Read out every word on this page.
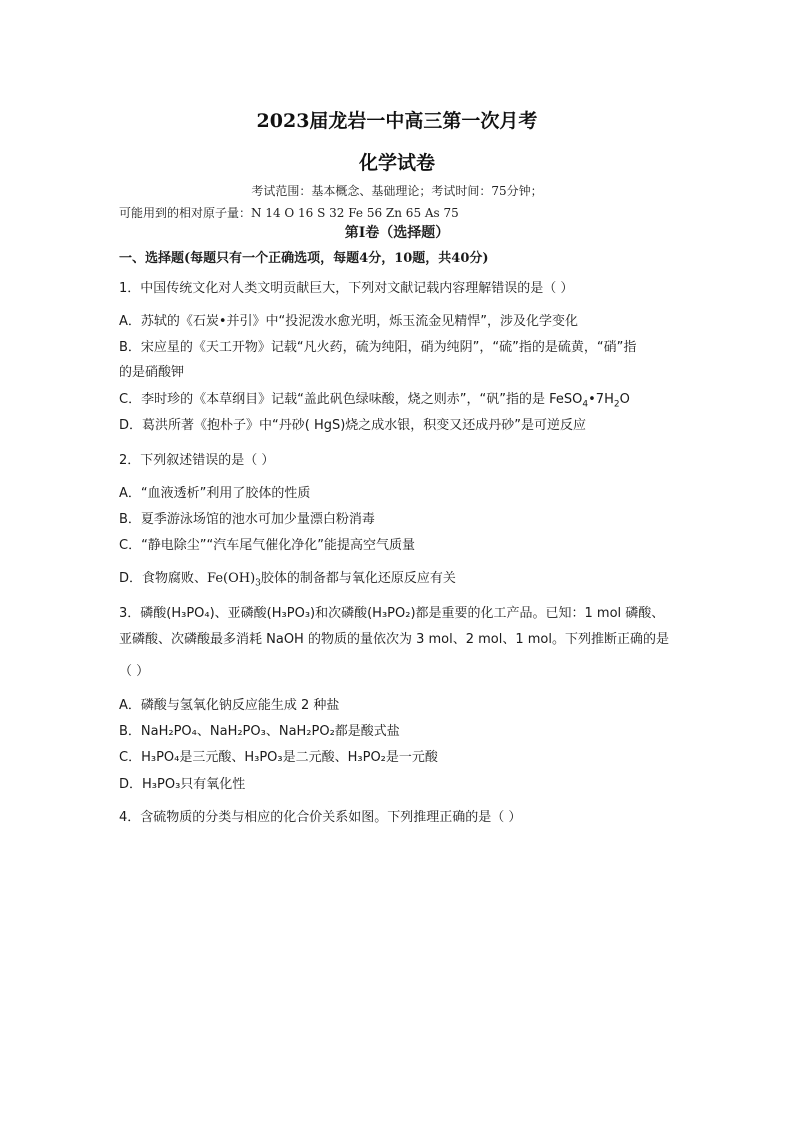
2023届龙岩一中高三第一次月考
化学试卷
考试范围：基本概念、基础理论；考试时间：75分钟；
可能用到的相对原子量：N 14 O 16 S 32 Fe 56 Zn 65 As 75
第I卷（选择题）
一、选择题(每题只有一个正确选项，每题4分，10题，共40分)
1．中国传统文化对人类文明贡献巨大，下列对文献记载内容理解错误的是（ ）
A．苏轼的《石炭•并引》中“投泥泼水愈光明，烁玉流金见精悍”，涉及化学变化
B．宋应星的《天工开物》记载“凡火药，硫为纯阳，硝为纯阴”，“硫”指的是硫黄，“硝”指
的是硝酸钾
C．李时珍的《本草纲目》记载“盖此矾色绿味酸，烧之则赤”，“矾”指的是 $FeSO_4•7H_2O$
D．葛洪所著《抱朴子》中“丹砂( HgS)烧之成水银，积变又还成丹砂”是可逆反应
2．下列叙述错误的是（ ）
A．“血液透析”利用了胶体的性质
B．夏季游泳场馆的池水可加少量漂白粉消毒
C．“静电除尘”“汽车尾气催化净化”能提高空气质量
D．食物腐败、$Fe(OH)_3$胶体的制备都与氧化还原反应有关
3．磷酸(H₃PO₄)、亚磷酸(H₃PO₃)和次磷酸(H₃PO₂)都是重要的化工产品。已知：1 mol 磷酸、
亚磷酸、次磷酸最多消耗 NaOH 的物质的量依次为 3 mol、2 mol、1 mol。下列推断正确的是
（ ）
A．磷酸与氢氧化钠反应能生成 2 种盐
B．NaH₂PO₄、NaH₂PO₃、NaH₂PO₂都是酸式盐
C．H₃PO₄是三元酸、H₃PO₃是二元酸、H₃PO₂是一元酸
D．H₃PO₃只有氧化性
4．含硫物质的分类与相应的化合价关系如图。下列推理正确的是（ ）
